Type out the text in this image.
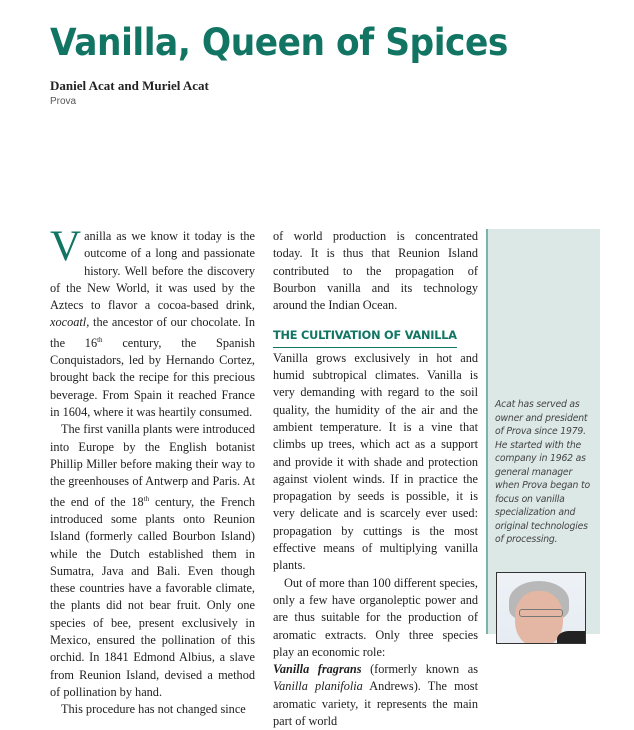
Vanilla, Queen of Spices
Daniel Acat and Muriel Acat
Prova

Vanilla as we know it today is the outcome of a long and passionate history. Well before the discovery of the New World, it was used by the Aztecs to flavor a cocoa-based drink, xocoatl, the ancestor of our chocolate. In the 16th century, the Spanish Conquistadors, led by Hernando Cortez, brought back the recipe for this precious beverage. From Spain it reached France in 1604, where it was heartily consumed.

The first vanilla plants were introduced into Europe by the English botanist Phillip Miller before making their way to the greenhouses of Antwerp and Paris. At the end of the 18th century, the French introduced some plants onto Reunion Island (formerly called Bourbon Island) while the Dutch established them in Sumatra, Java and Bali. Even though these countries have a favorable climate, the plants did not bear fruit. Only one species of bee, present exclusively in Mexico, ensured the pollination of this orchid. In 1841 Edmond Albius, a slave from Reunion Island, devised a method of pollination by hand.

This procedure has not changed since

of world production is concentrated today. It is thus that Reunion Island contributed to the propagation of Bourbon vanilla and its technology around the Indian Ocean.

THE CULTIVATION OF VANILLA

Vanilla grows exclusively in hot and humid subtropical climates. Vanilla is very demanding with regard to the soil quality, the humidity of the air and the ambient temperature. It is a vine that climbs up trees, which act as a support and provide it with shade and protection against violent winds. If in practice the propagation by seeds is possible, it is very delicate and is scarcely ever used: propagation by cuttings is the most effective means of multiplying vanilla plants.

Out of more than 100 different species, only a few have organoleptic power and are thus suitable for the production of aromatic extracts. Only three species play an economic role:

Vanilla fragrans (formerly known as Vanilla planifolia Andrews). The most aromatic variety, it represents the main part of world

Acat has served as owner and president of Prova since 1979. He started with the company in 1962 as general manager when Prova began to focus on vanilla specialization and original technologies of processing.
